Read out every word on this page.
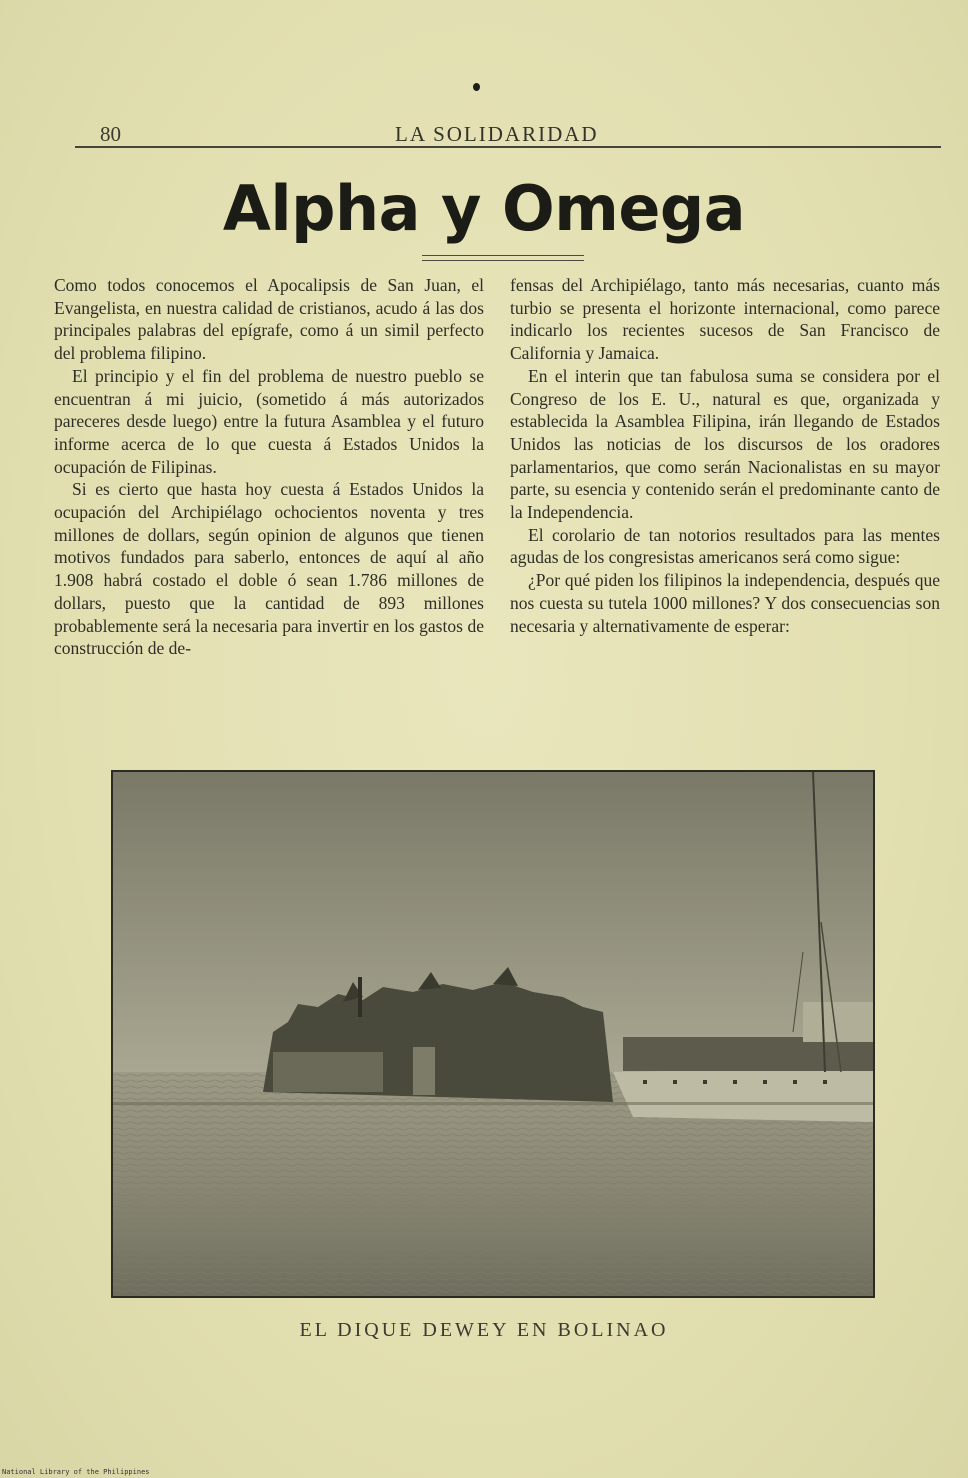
80	LA SOLIDARIDAD
Alpha y Omega

Como todos conocemos el Apocalipsis de San Juan, el Evangelista, en nuestra calidad de cristianos, acudo á las dos principales palabras del epígrafe, como á un simil perfecto del problema filipino.

El principio y el fin del problema de nuestro pueblo se encuentran á mi juicio, (sometido á más autorizados pareceres desde luego) entre la futura Asamblea y el futuro informe acerca de lo que cuesta á Estados Unidos la ocupación de Filipinas.

Si es cierto que hasta hoy cuesta á Estados Unidos la ocupación del Archipiélago ochocientos noventa y tres millones de dollars, según opinion de algunos que tienen motivos fundados para saberlo, entonces de aquí al año 1.908 habrá costado el doble ó sean 1.786 millones de dollars, puesto que la cantidad de 893 millones probablemente será la necesaria para invertir en los gastos de construcción de de-

fensas del Archipiélago, tanto más necesarias, cuanto más turbio se presenta el horizonte internacional, como parece indicarlo los recientes sucesos de San Francisco de California y Jamaica.

En el interin que tan fabulosa suma se considera por el Congreso de los E. U., natural es que, organizada y establecida la Asamblea Filipina, irán llegando de Estados Unidos las noticias de los discursos de los oradores parlamentarios, que como serán Nacionalistas en su mayor parte, su esencia y contenido serán el predominante canto de la Independencia.

El corolario de tan notorios resultados para las mentes agudas de los congresistas americanos será como sigue:

¿Por qué piden los filipinos la independencia, después que nos cuesta su tutela 1000 millones? Y dos consecuencias son necesaria y alternativamente de esperar:

EL DIQUE DEWEY EN BOLINAO
National Library of the Philippines
